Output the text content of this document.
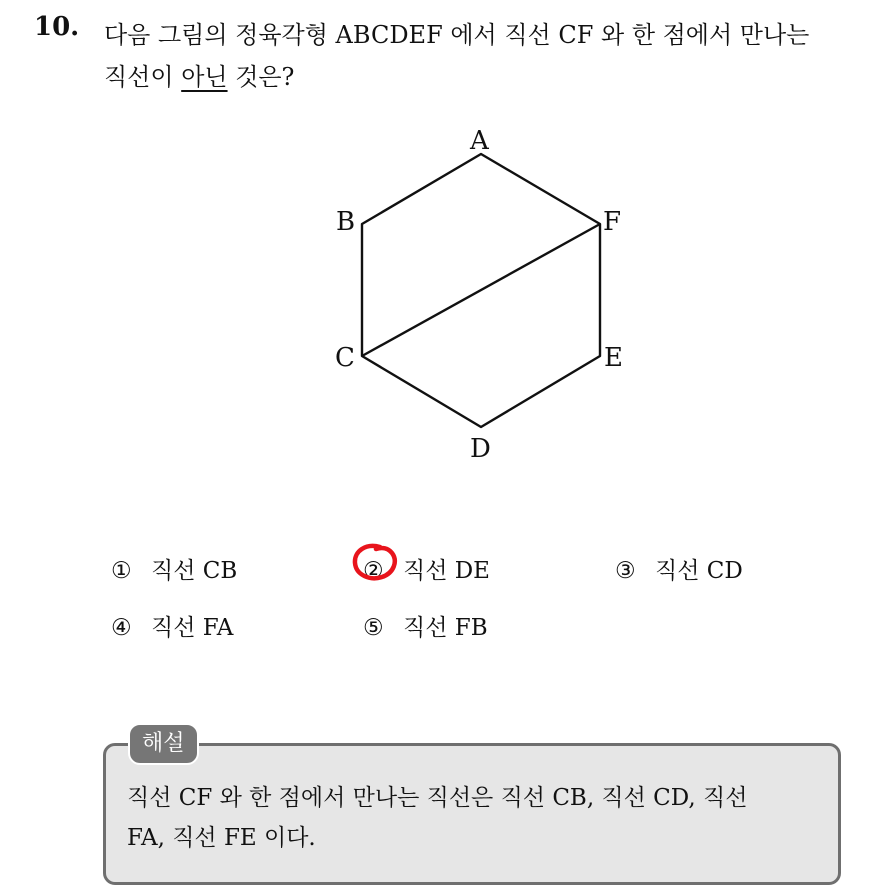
10. 다음 그림의 정육각형 ABCDEF 에서 직선 CF 와 한 점에서 만나는
직선이 아닌 것은?
A
B
C
D
E
F
① 직선 CB	② 직선 DE	③ 직선 CD
④ 직선 FA	⑤ 직선 FB
해설
직선 CF 와 한 점에서 만나는 직선은 직선 CB, 직선 CD, 직선
FA, 직선 FE 이다.
